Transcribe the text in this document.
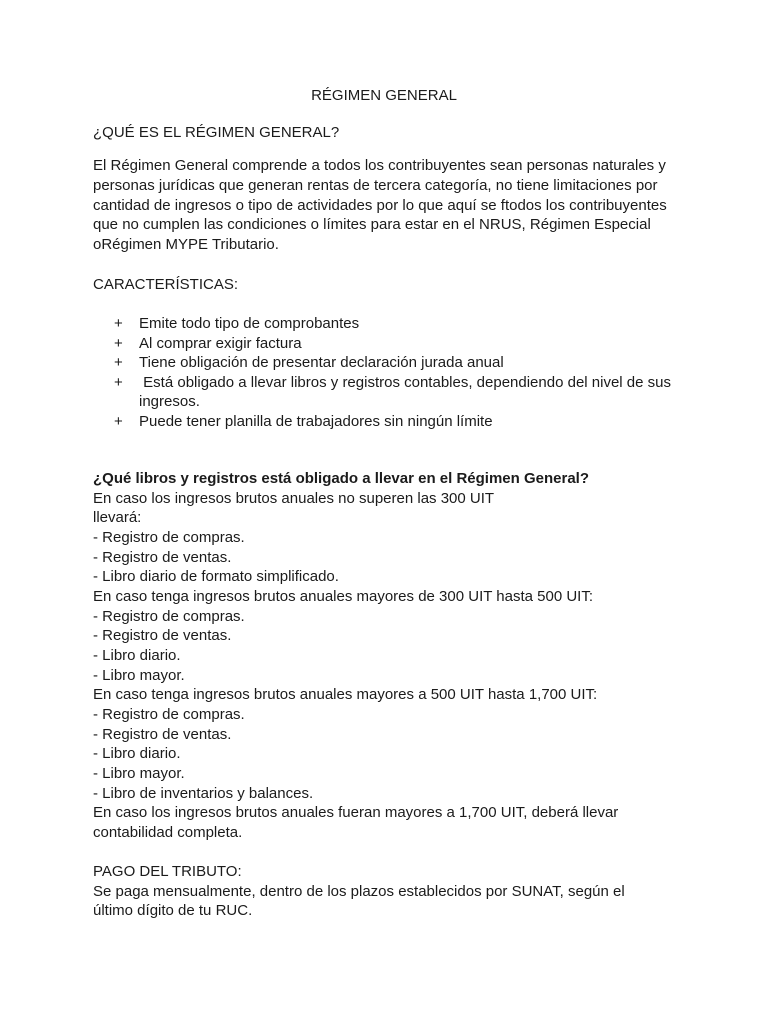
RÉGIMEN GENERAL
¿QUÉ ES EL RÉGIMEN GENERAL?

El Régimen General comprende a todos los contribuyentes sean personas naturales y personas jurídicas que generan rentas de tercera categoría, no tiene limitaciones por cantidad de ingresos o tipo de actividades por lo que aquí se ftodos los contribuyentes que no cumplen las condiciones o límites para estar en el NRUS, Régimen Especial oRégimen MYPE Tributario.

CARACTERÍSTICAS:
+ Emite todo tipo de comprobantes
+ Al comprar exigir factura
+ Tiene obligación de presentar declaración jurada anual
+ Está obligado a llevar libros y registros contables, dependiendo del nivel de sus ingresos.
+ Puede tener planilla de trabajadores sin ningún límite
¿Qué libros y registros está obligado a llevar en el Régimen General?
En caso los ingresos brutos anuales no superen las 300 UIT
llevará:
- Registro de compras.
- Registro de ventas.
- Libro diario de formato simplificado.
En caso tenga ingresos brutos anuales mayores de 300 UIT hasta 500 UIT:
- Registro de compras.
- Registro de ventas.
- Libro diario.
- Libro mayor.
En caso tenga ingresos brutos anuales mayores a 500 UIT hasta 1,700 UIT:
- Registro de compras.
- Registro de ventas.
- Libro diario.
- Libro mayor.
- Libro de inventarios y balances.
En caso los ingresos brutos anuales fueran mayores a 1,700 UIT, deberá llevar
contabilidad completa.
PAGO DEL TRIBUTO:
Se paga mensualmente, dentro de los plazos establecidos por SUNAT, según el
último dígito de tu RUC.
